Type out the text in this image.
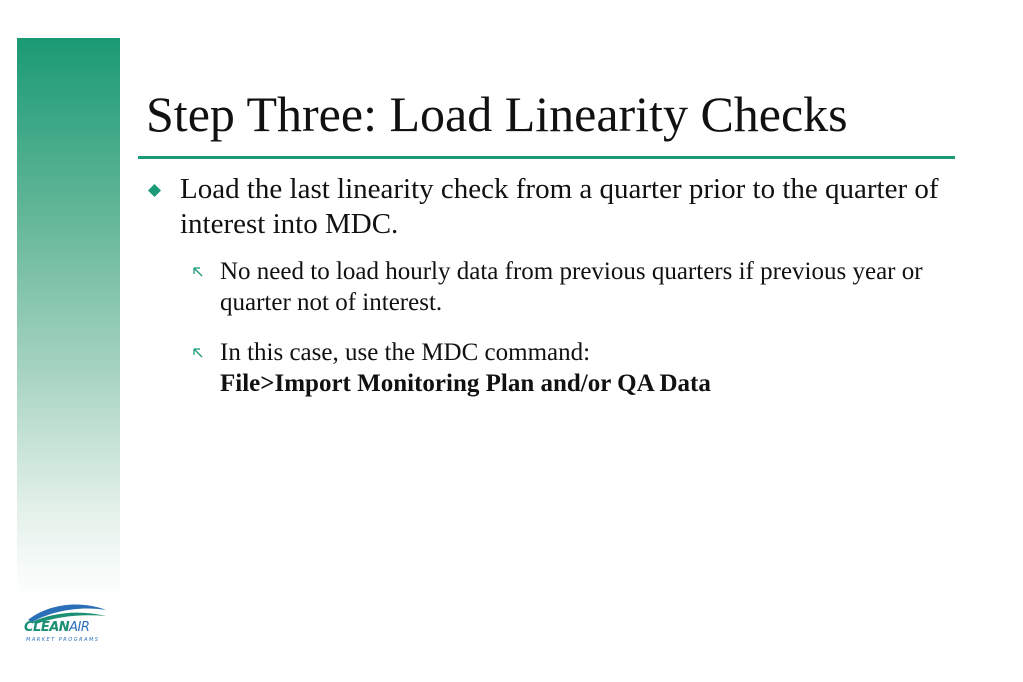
Step Three: Load Linearity Checks
Load the last linearity check from a quarter prior to the quarter of interest into MDC.
No need to load hourly data from previous quarters if previous year or quarter not of interest.
In this case, use the MDC command:
File>Import Monitoring Plan and/or QA Data
CLEANAIR
MARKET PROGRAMS
